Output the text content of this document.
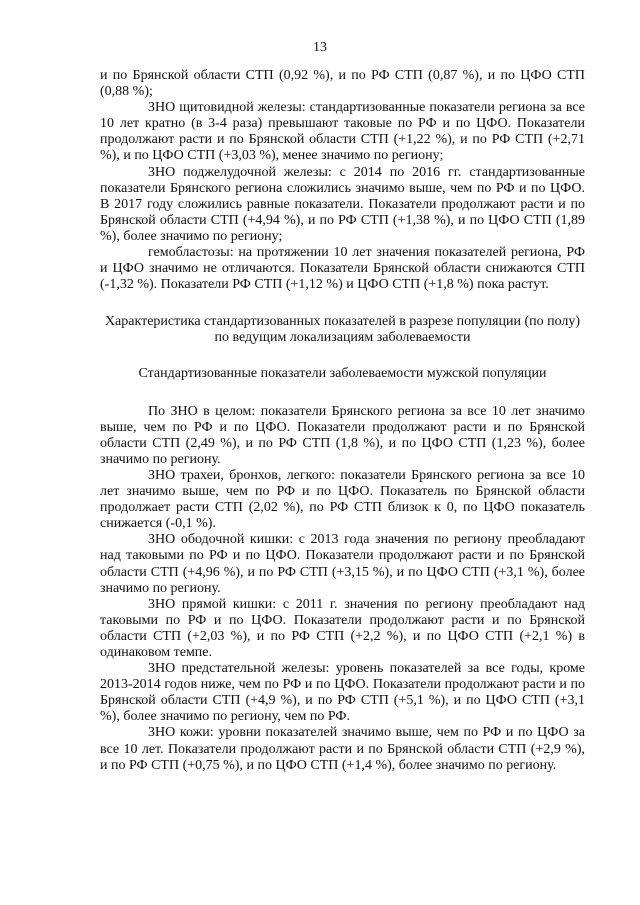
13

и по Брянской области СТП (0,92 %), и по РФ СТП (0,87 %), и по ЦФО СТП (0,88 %);

ЗНО щитовидной железы: стандартизованные показатели региона за все 10 лет кратно (в 3-4 раза) превышают таковые по РФ и по ЦФО. Показатели продолжают расти и по Брянской области СТП (+1,22 %), и по РФ СТП (+2,71 %), и по ЦФО СТП (+3,03 %), менее значимо по региону;

ЗНО поджелудочной железы: с 2014 по 2016 гг. стандартизованные показатели Брянского региона сложились значимо выше, чем по РФ и по ЦФО. В 2017 году сложились равные показатели. Показатели продолжают расти и по Брянской области СТП (+4,94 %), и по РФ СТП (+1,38 %), и по ЦФО СТП (1,89 %), более значимо по региону;

гемобластозы: на протяжении 10 лет значения показателей региона, РФ и ЦФО значимо не отличаются. Показатели Брянской области снижаются СТП (-1,32 %). Показатели РФ СТП (+1,12 %) и ЦФО СТП (+1,8 %) пока растут.

Характеристика стандартизованных показателей в разрезе популяции (по полу) по ведущим локализациям заболеваемости

Стандартизованные показатели заболеваемости мужской популяции

По ЗНО в целом: показатели Брянского региона за все 10 лет значимо выше, чем по РФ и по ЦФО. Показатели продолжают расти и по Брянской области СТП (2,49 %), и по РФ СТП (1,8 %), и по ЦФО СТП (1,23 %), более значимо по региону.

ЗНО трахеи, бронхов, легкого: показатели Брянского региона за все 10 лет значимо выше, чем по РФ и по ЦФО. Показатель по Брянской области продолжает расти СТП (2,02 %), по РФ СТП близок к 0, по ЦФО показатель снижается (-0,1 %).

ЗНО ободочной кишки: с 2013 года значения по региону преобладают над таковыми по РФ и по ЦФО. Показатели продолжают расти и по Брянской области СТП (+4,96 %), и по РФ СТП (+3,15 %), и по ЦФО СТП (+3,1 %), более значимо по региону.

ЗНО прямой кишки: с 2011 г. значения по региону преобладают над таковыми по РФ и по ЦФО. Показатели продолжают расти и по Брянской области СТП (+2,03 %), и по РФ СТП (+2,2 %), и по ЦФО СТП (+2,1 %) в одинаковом темпе.

ЗНО предстательной железы: уровень показателей за все годы, кроме 2013-2014 годов ниже, чем по РФ и по ЦФО. Показатели продолжают расти и по Брянской области СТП (+4,9 %), и по РФ СТП (+5,1 %), и по ЦФО СТП (+3,1 %), более значимо по региону, чем по РФ.

ЗНО кожи: уровни показателей значимо выше, чем по РФ и по ЦФО за все 10 лет. Показатели продолжают расти и по Брянской области СТП (+2,9 %), и по РФ СТП (+0,75 %), и по ЦФО СТП (+1,4 %), более значимо по региону.
